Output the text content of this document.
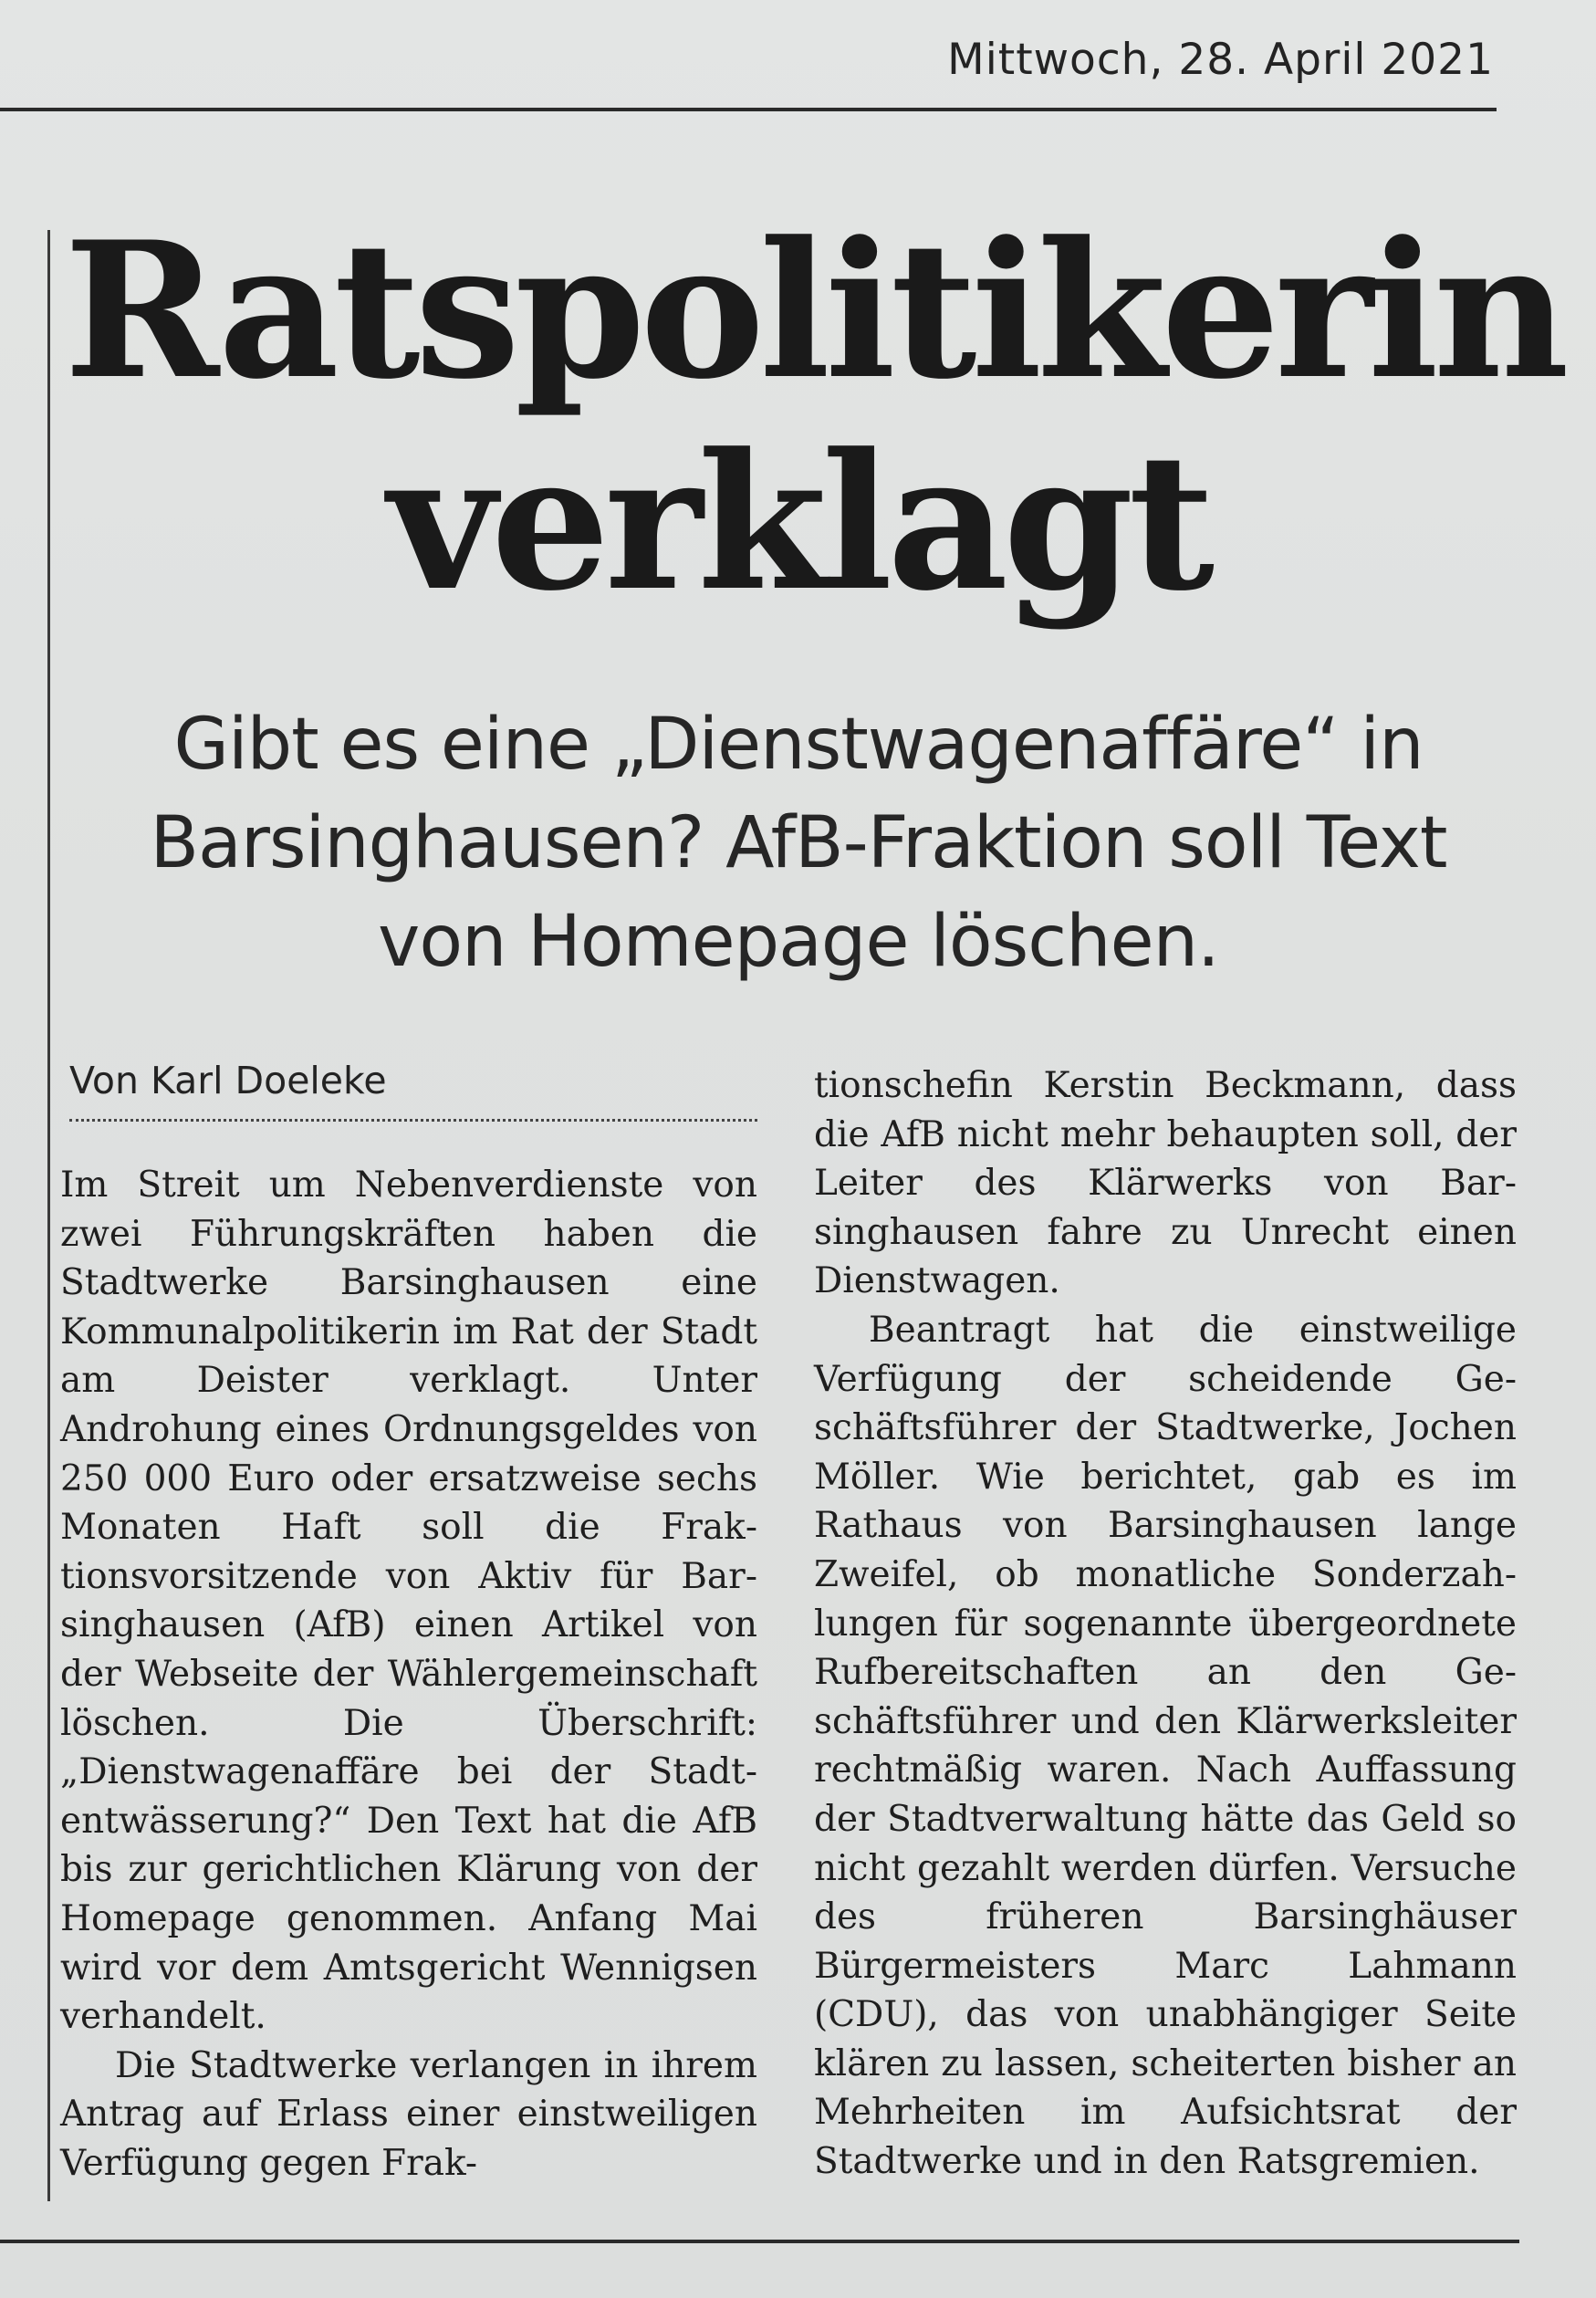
Mittwoch, 28. April 2021
Ratspolitikerin
verklagt
Gibt es eine „Dienstwagenaffäre“ in Barsinghausen? AfB-Fraktion soll Text von Homepage löschen.
Von Karl Doeleke

Im Streit um Nebenverdienste von zwei Führungskräften haben die Stadtwerke Barsinghausen eine Kommunalpolitikerin im Rat der Stadt am Deister verklagt. Unter Androhung eines Ordnungsgeldes von 250 000 Euro oder ersatzweise sechs Monaten Haft soll die Fraktionsvorsitzende von Aktiv für Barsinghausen (AfB) einen Artikel von der Webseite der Wählergemeinschaft löschen. Die Überschrift: „Dienstwagenaffäre bei der Stadtentwässerung?“ Den Text hat die AfB bis zur gerichtlichen Klärung von der Homepage genommen. Anfang Mai wird vor dem Amtsgericht Wennigsen verhandelt.

Die Stadtwerke verlangen in ihrem Antrag auf Erlass einer einstweiligen Verfügung gegen Frak-

tionschefin Kerstin Beckmann, dass die AfB nicht mehr behaupten soll, der Leiter des Klärwerks von Barsinghausen fahre zu Unrecht einen Dienstwagen.

Beantragt hat die einstweilige Verfügung der scheidende Geschäftsführer der Stadtwerke, Jochen Möller. Wie berichtet, gab es im Rathaus von Barsinghausen lange Zweifel, ob monatliche Sonderzahlungen für sogenannte übergeordnete Rufbereitschaften an den Geschäftsführer und den Klärwerksleiter rechtmäßig waren. Nach Auffassung der Stadtverwaltung hätte das Geld so nicht gezahlt werden dürfen. Versuche des früheren Barsinghäuser Bürgermeisters Marc Lahmann (CDU), das von unabhängiger Seite klären zu lassen, scheiterten bisher an Mehrheiten im Aufsichtsrat der Stadtwerke und in den Ratsgremien.
